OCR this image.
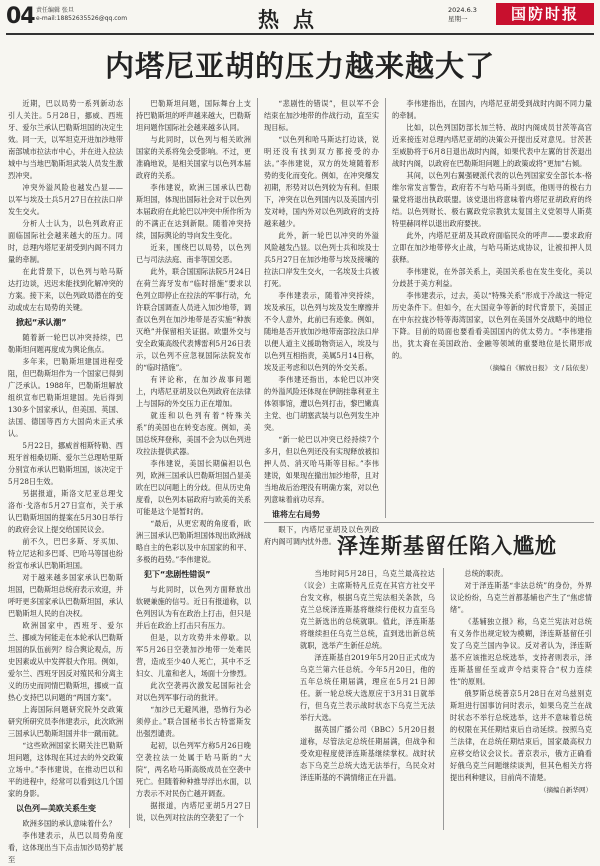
04 责任编辑 张旦
e-mail:18852635526@qq.com	热点	2024.6.3
星期一	国防时报
内塔尼亚胡的压力越来越大了

近期，巴以局势一系列新动态引人关注。5月28日，挪威、西班牙、爱尔兰承认巴勒斯坦国的决定生效。同一天，以军坦克开进加沙地带南部城市拉法市中心，并在进入拉法城中与当地巴勒斯坦武装人员发生激烈冲突。

冲突外溢风险也越发凸显——以军与埃及士兵5月27日在拉法口岸发生交火。

分析人士认为，以色列政府正面临国际社会越来越大的压力。同时，总理内塔尼亚胡受到内阁不同力量的牵制。

在此背景下，以色列与哈马斯达打边谈，迟迟未能找到化解冲突的方案。接下来，以色列政局潜在的变动或成左右局势的关键。

掀起“承认潮”

随着新一轮巴以冲突持续，巴勒斯坦问题再度成为舆论焦点。

多年来，巴勒斯坦建国进程受阻，但巴勒斯坦作为一个国家已得到广泛承认。1988年，巴勒斯坦解放组织宣布巴勒斯坦建国。先后得到130多个国家承认，但美国、英国、法国、德国等西方大国尚未正式承认。

5月22日，挪威首相斯特勒、西班牙首相桑切斯、爱尔兰总理哈里斯分别宣布承认巴勒斯坦国，该决定于5月28日生效。

另据报道，斯洛文尼亚总理戈洛布·戈洛布5月27日宣布，关于承认巴勒斯坦国的提案在5月30日举行的政府会议上提交给国民议会。

前不久，巴巴多斯、牙买加、特立尼达和多巴哥、巴哈马等国也纷纷宣布承认巴勒斯坦国。

对于越来越多国家承认巴勒斯坦国，巴勒斯坦总统府表示欢迎，并呼吁更多国家承认巴勒斯坦国，承认巴勒斯坦人民的自决权。

欧洲国家中，西班牙、爱尔兰、挪威为何能走在本轮承认巴勒斯坦国的队伍前列？综合舆论观点，历史因素或从中发挥很大作用。例如，爱尔兰、西班牙因反对殖民和分离主义的历史而同情巴勒斯坦，挪威一直热心支持巴以问题的“两国方案”。

上海国际问题研究院外交政策研究所研究员李伟建表示，此次欧洲三国承认巴勒斯坦国并非一蹴而就。

“这些欧洲国家长期关注巴勒斯坦问题，这体现在其过去的外交政策立场中。”李伟建说，在推动巴以和平的进程中，经常可以看到这几个国家的身影。

以色列—美欧关系生变

欧洲多国的承认意味着什么？

李伟建表示，从巴以局势角度看，这体现出当下点击加沙局势扩展至

巴勒斯坦问题，国际舞台上支持巴勒斯坦的呼声越来越大，巴勒斯坦问题作国际社会越来越多认同。

与此同时，以色列与相关欧洲国家的关系将兔会受影响。不过，更准确地说，是相关国家与以色列本届政府的关系。

李伟建说，欧洲三国承认巴勒斯坦国，体现出国际社会对于以色列本届政府在此轮巴以冲突中所作所为的不满正在达到新限。随着冲突持续，国际舆论的导向发生变化。

近来，围绕巴以局势，以色列已与司法法庭、南非等国交恶。

此外，联合国国际法院5月24日在荷兰海牙发布“临时措施”要求以色列立即停止在拉法的军事行动，允许联合国调查人员进入加沙地带，调查以色列在加沙地带是否实施“种族灭绝”并保留相关证据。欧盟外交与安全政策高级代表博雷利5月26日表示，以色列不应忽视国际法院发布的“临时措施”。

有评论称，在加沙战事问题上，内塔尼亚胡及以色列政府在法律上与国际的外交压力正在增加。

就连和以色列有着“特殊关系”的美国也在转变态度。例如，美国总统拜登称，美国不会为以色列进攻拉法提供武器。

李伟建说，美国长期偏袒以色列，欧洲三国承认巴勒斯坦国凸显美欧在巴以问题上的分歧。但从历史角度看，以色列本届政府与欧美的关系可能是这个是暂时的。

“最后，从更宏观的角度看，欧洲三国承认巴勒斯坦国体现出欧洲战略自主的色彩以及中东国家的和平、多极的趋势。”李伟建说。

犯下“悲剧性错误”

与此同时，以色列方面释放出软硬兼施的信号。近日有报道称，以色列因认为有在政治上打击，但只是并后在政治上打击只有压力。

但是，以方攻势并未停歇。以军5月26日空袭加沙地带一处难民营，造成至少40人死亡，其中不乏妇女、儿童和老人，场面十分惨烈。

此次空袭再次激发起国际社会对以色列军事行动的批评。

“加沙已无避风港，恐怖行为必须停止。”联合国秘书长古特雷斯发出强烈谴责。

起初，以色列军方称5月26日晚空袭拉法一处属于哈马斯的“大院”，两名哈马斯高级成员在空袭中死亡。但随着种种推导浮出水面，以方表示不对民伤亡越开调查。

据报道，内塔尼亚胡5月27日说，以色列对拉法的空袭犯了一个

“悲剧性的错误”，但以军不会结束在加沙地带的作战行动，直至实现目标。

“以色列和哈马斯达打边谈，说明还没有找到双方都接受的办法。”李伟建说，双方的处境随着形势的变化而变化。例如，在冲突爆发初期，形势对以色列较为有利。但眼下，冲突在以色列国内以及美国内引发对峙，国内外对以色列政府的支持越来越少。

此外，新一轮巴以冲突的外溢风险越发凸显。以色列士兵和埃及士兵5月27日在加沙地带与埃及接壤的拉法口岸发生交火，一名埃及士兵被打死。

李伟建表示，随着冲突持续，埃及承压，以色列与埃及发生摩擦并不令人意外，此前已有迹象。例如，随地是否开放加沙地带南部拉法口岸以便人道主义援助物资运入，埃及与以色列互相指责，美属5月14日称，埃及正考虑和以色列的外交关系。

李伟建还指出，本轮巴以冲突的外溢风险还体现在伊朗挂靠利亚主体领事馆，遭以色列打击，黎巴嫩真主党、也门胡塞武装与以色列发生冲突。

“新一轮巴以冲突已经持续7个多月，但以色列还没有实现释放被扣押人员、消灭哈马斯等目标。”李伟建说，如果现在撤出加沙地带，且对当地战后治理没有明确方案，对以色列意味着前功尽弃。

谁将左右局势

眼下，内塔尼亚胡及以色列政府内阁可调内忧外患。

李伟建指出，在国内，内塔尼亚胡受到战时内阁不同力量的牵制。

比如，以色列国防部长加兰特、战时内阁成员甘茨等高官近来接连对总理内塔尼亚胡的决策公开提出反对意见。甘茨甚至威胁将于6月8日退出战时内阁，如果代表中左翼的甘茨退出战时内阁，以政府在巴勒斯坦问题上的政策或将“更加”右倾。

其间，以色列右翼强硬派代表的以色列国家安全部长本-格维尔常发言警告，政府若不与哈马斯斗到底，他则寻的极右力量党将退出执政联盟。该党退出将意味着内塔尼亚胡政府的终结。以色列财长、极右翼政党宗教犹太复国主义党领导人斯莫特里赫同样以退出政府要挟。

此外，内塔尼亚胡及其政府面临民众的呼声——要求政府立即在加沙地带停火止战，与哈马斯达成协议，让被扣押人员获释。

李伟建说，在外部关系上，美国关系也在发生变化，美以分歧甚于美方利益。

李伟建表示，过去，美以“特殊关系”形成于冷战这一特定历史条件下。但如今，在大国竞争等新的时代背景下，美国正在中东拉拢沙特等海湾国家，以色列在美国外交战略中的地位下降。目前的局面也要看看美国国内的优太势力。“李伟建指出，犹太裔在美国政治、金融等领域的重要地位是长期形成的。

（摘编自《解放日报》 文 / 陆依斐）

泽连斯基留任陷入尴尬

当地时间5月28日，乌克兰最高拉达（议会）主席斯特凡丘克在其官方社交平台发文称，根据乌克兰宪法相关条款，乌克兰总统泽连斯基将继续行使权力直至乌克兰新选出的总统就职。值此，泽连斯基将继续担任乌克兰总统，直到选出新总统就职，选举产生新任总统。

泽连斯基自2019年5月20日正式成为乌克兰第六任总统。今年5月20日，他的五年总统任期届满，理应在5月21日卸任。新一轮总统大选原应于3月31日就举行，但乌克兰表示战时状态下乌克兰无法举行大选。

据英国广播公司（BBC）5月20日报道称，尽管法定总统任期届满，但战争和受欢迎程度使泽连斯基继续掌权。战时状态下乌克兰总统大选无法举行，乌民众对泽连斯基的不满情绪正在升温。

总统的职责。

对于泽连斯基“非法总统”的身份，外界议论纷纷，乌克兰首都基辅也产生了“焦虑情绪”。

《基辅独立报》称，乌克兰宪法对总统有义务作出规定较为模糊，泽连斯基留任引发了乌克兰国内争议。反对者认为，泽连斯基不应该推迟总统选举，支持者则表示，泽连斯基留任至或声令结束符合“权力连续性”的原则。

俄罗斯总统普京5月28日在对乌兹别克斯坦进行国事访问时表示，如果乌克兰在战时状态不举行总统选举，这并不意味着总统的权限在其任期结束后自动延续。按照乌克兰法律，在总统任期结束后，国家最高权力应移交给议会议长。普京表示，俄方正确看好俄乌克兰问题继续谈判，但其色相关方将提出利种建议，目前尚不清楚。

（摘编自新华网）
